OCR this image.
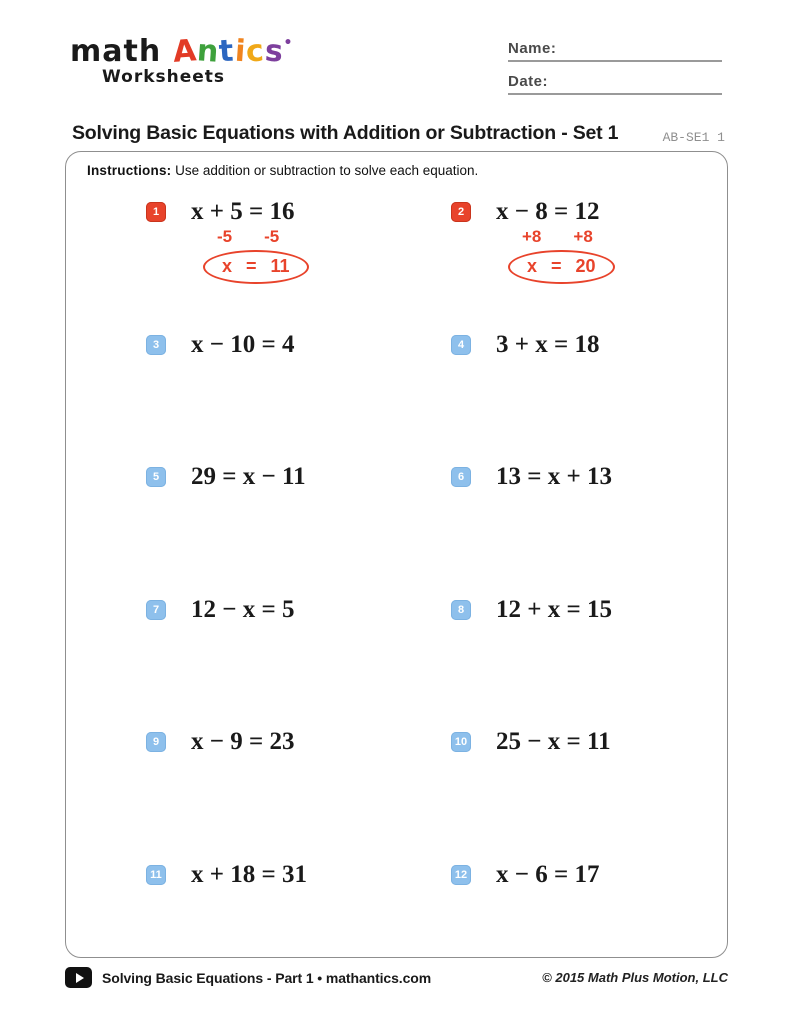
math Antics•
Worksheets
Name:
Date:
Solving Basic Equations with Addition or Subtraction - Set 1	AB-SE1 1

Instructions: Use addition or subtraction to solve each equation.

1 x + 5 = 16
-5 -5
x = 11
2 x − 8 = 12
+8 +8
x = 20
3 x − 10 = 4	4 3 + x = 18
5 29 = x − 11	6 13 = x + 13
7 12 − x = 5	8 12 + x = 15
9 x − 9 = 23	10 25 − x = 11
11 x + 18 = 31	12 x − 6 = 17
Solving Basic Equations - Part 1 • mathantics.com	© 2015 Math Plus Motion, LLC
